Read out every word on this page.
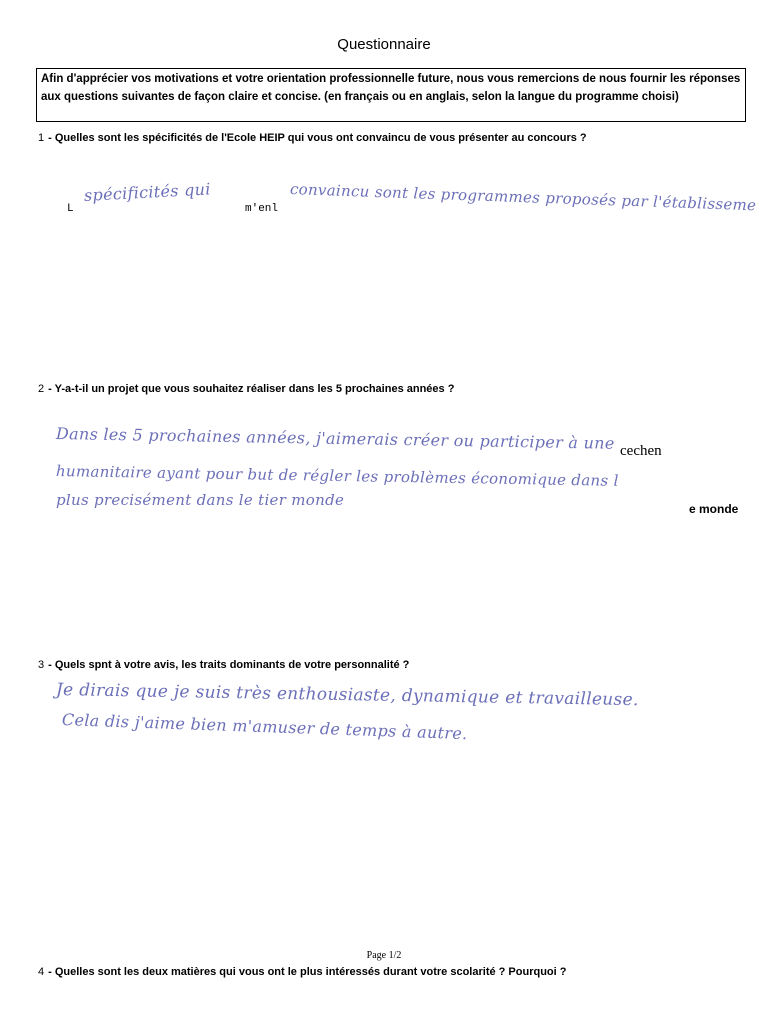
Questionnaire
Afin d'apprécier vos motivations et votre orientation professionnelle future, nous vous remercions de nous fournir les réponses aux questions suivantes de façon claire et concise. (en français ou en anglais, selon la langue du programme choisi)
1 - Quelles sont les spécificités de l'Ecole HEIP qui vous ont convaincu de vous présenter au concours ?
L
spécificités qui
m'enl convaincu sont les programmes proposés par l'établisseme
2 - Y-a-t-il un projet que vous souhaitez réaliser dans les 5 prochaines années ?
Dans les 5 prochaines années, j'aimerais créer ou participer à une cechen
humanitaire ayant pour but de régler les problèmes économique dans l
plus precisément dans le tier monde	e monde
3 - Quels spnt à votre avis, les traits dominants de votre personnalité ?
Je dirais que je suis très enthousiaste, dynamique et travailleuse.
Cela dis j'aime bien m'amuser de temps à autre.
Page 1/2
4 - Quelles sont les deux matières qui vous ont le plus intéressés durant votre scolarité ? Pourquoi ?
